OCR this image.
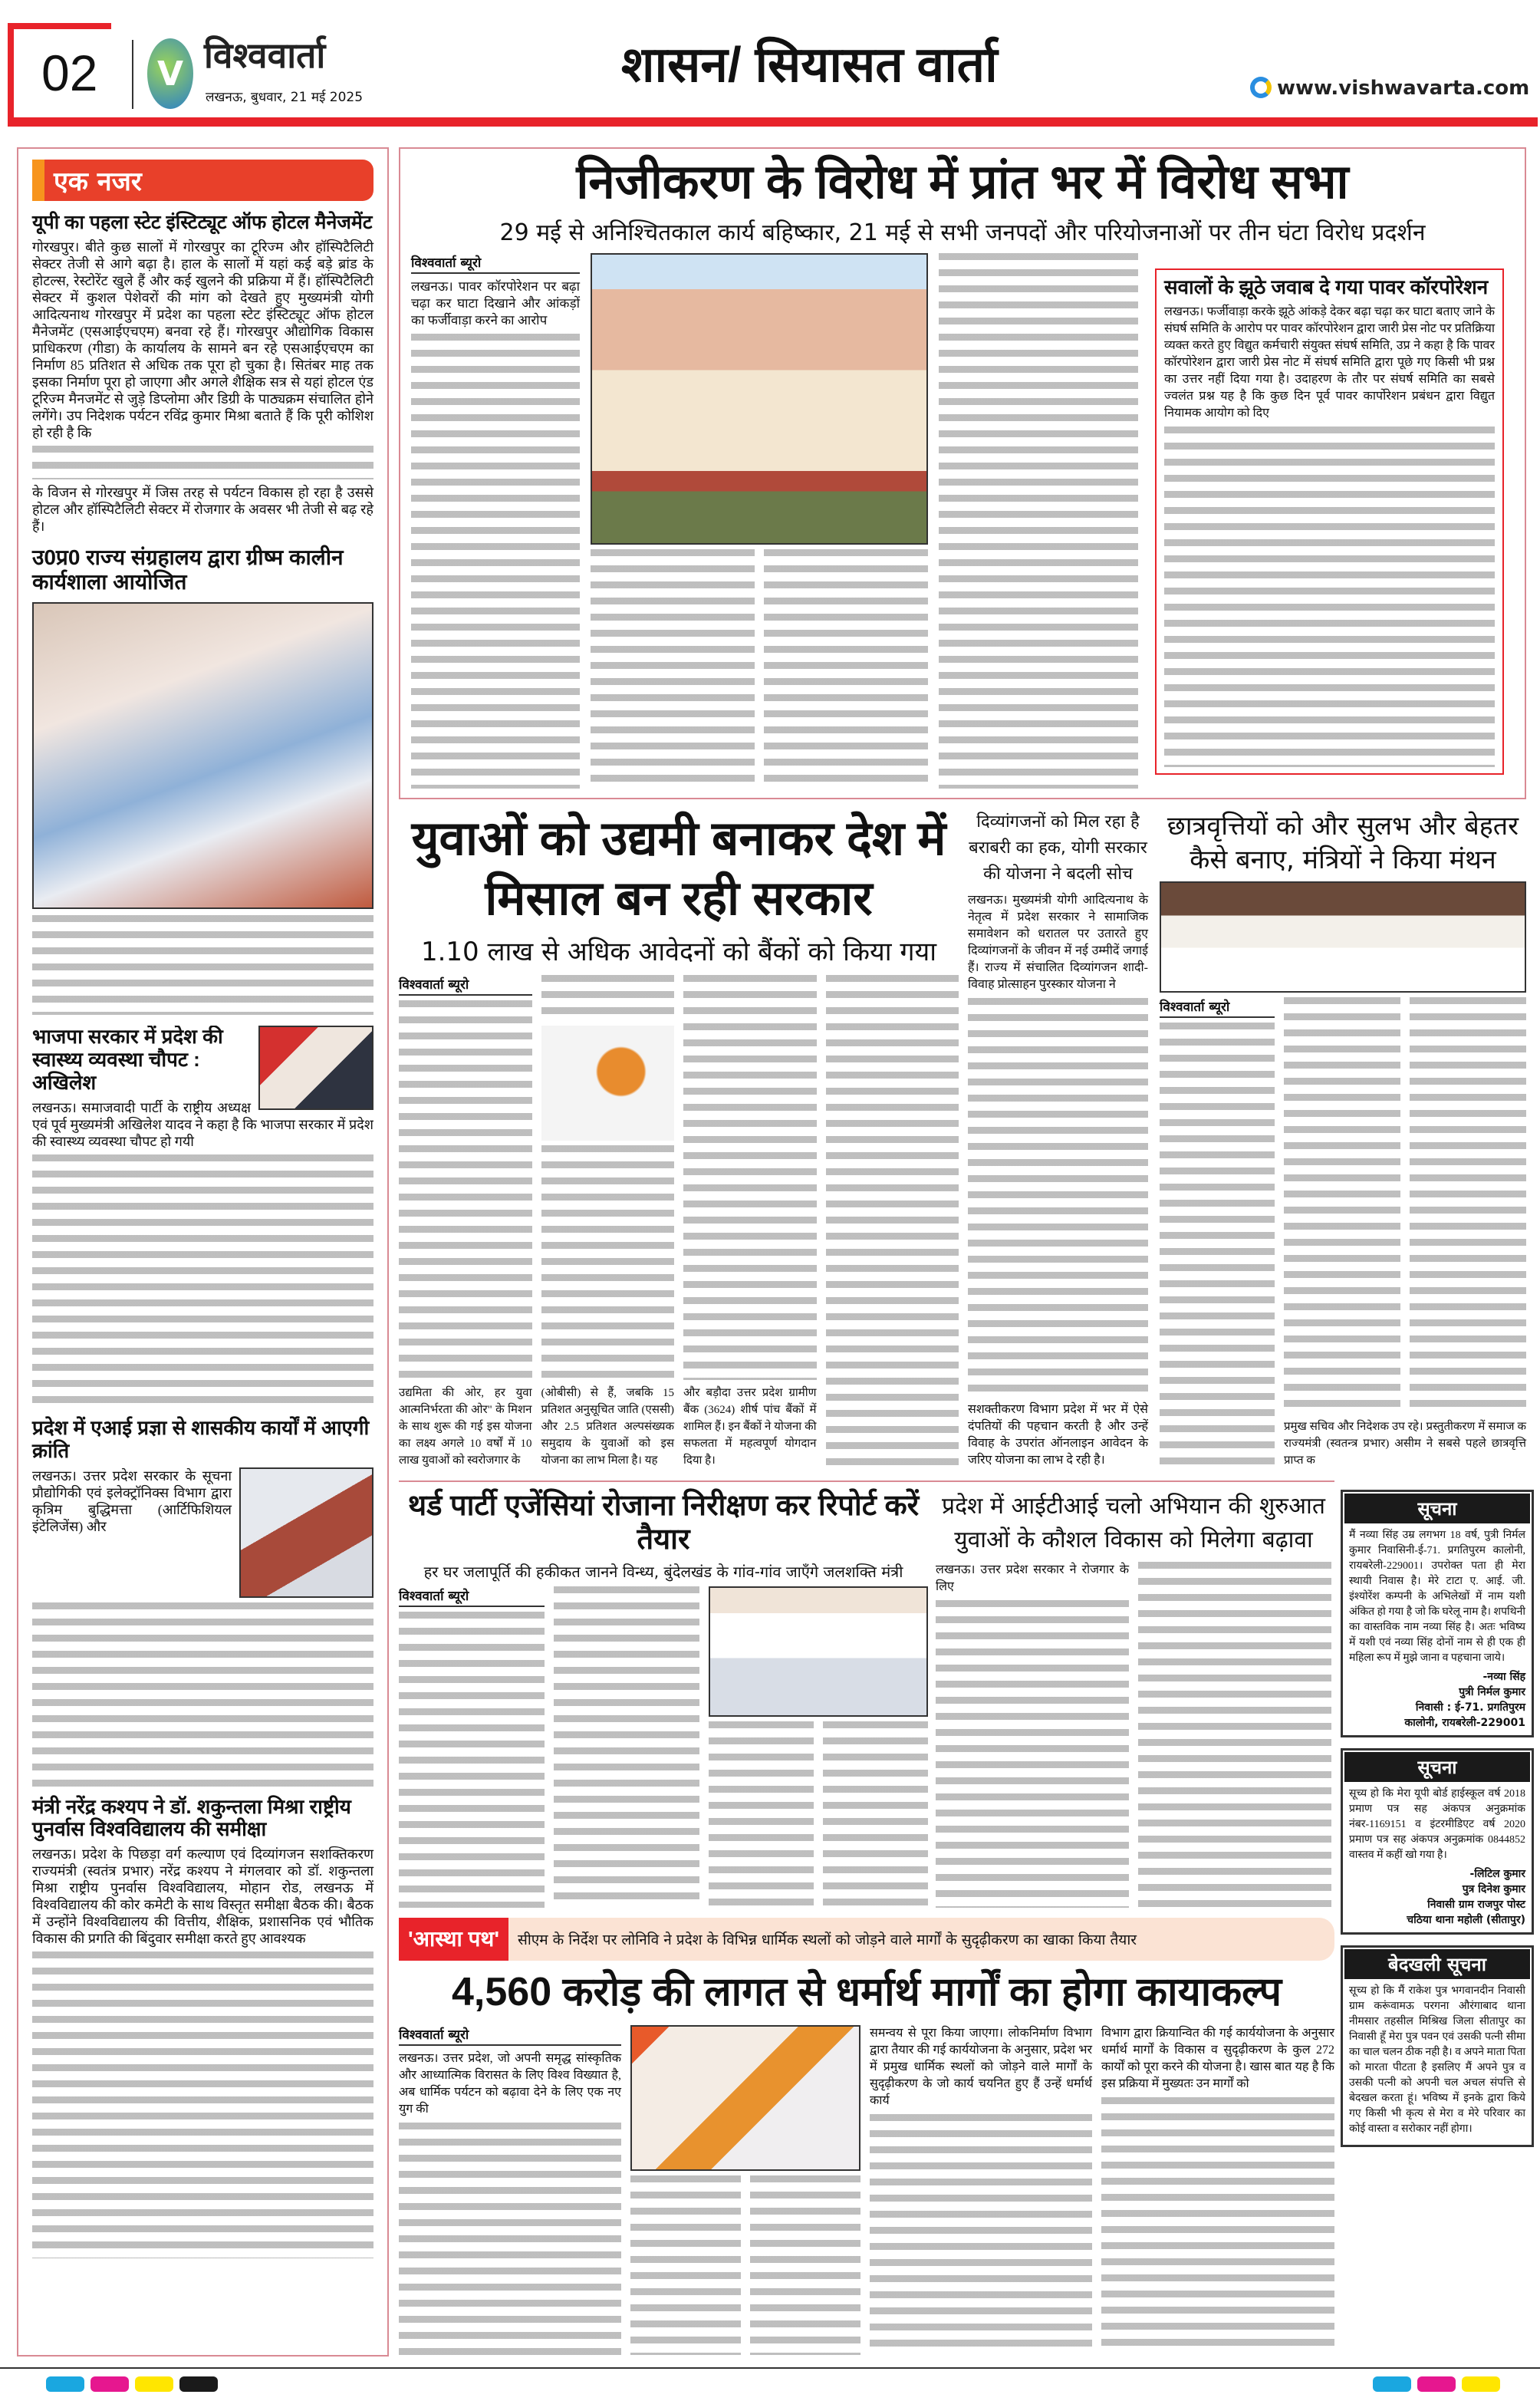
02 V विश्ववार्ता
लखनऊ, बुधवार, 21 मई 2025
शासन/ सियासत वार्ता	www.vishwavarta.com
एक नजर
यूपी का पहला स्टेट इंस्टिट्यूट ऑफ होटल मैनेजमेंट
गोरखपुर। बीते कुछ सालों में गोरखपुर का टूरिज्म और हॉस्पिटैलिटी सेक्टर तेजी से आगे बढ़ा है। हाल के सालों में यहां कई बड़े ब्रांड के होटल्स, रेस्टोरेंट खुले हैं और कई खुलने की प्रक्रिया में हैं। हॉस्पिटैलिटी सेक्टर में कुशल पेशेवरों की मांग को देखते हुए मुख्यमंत्री योगी आदित्यनाथ गोरखपुर में प्रदेश का पहला स्टेट इंस्टिट्यूट ऑफ होटल मैनेजमेंट (एसआईएचएम) बनवा रहे हैं। गोरखपुर औद्योगिक विकास प्राधिकरण (गीडा) के कार्यालय के सामने बन रहे एसआईएचएम का निर्माण 85 प्रतिशत से अधिक तक पूरा हो चुका है। सितंबर माह तक इसका निर्माण पूरा हो जाएगा और अगले शैक्षिक सत्र से यहां होटल एंड टूरिज्म मैनजमेंट से जुड़े डिप्लोमा और डिग्री के पाठ्यक्रम संचालित होने लगेंगे। उप निदेशक पर्यटन रविंद्र कुमार मिश्रा बताते हैं कि पूरी कोशिश हो रही है कि
के विजन से गोरखपुर में जिस तरह से पर्यटन विकास हो रहा है उससे होटल और हॉस्पिटैलिटी सेक्टर में रोजगार के अवसर भी तेजी से बढ़ रहे हैं।
उ0प्र0 राज्य संग्रहालय द्वारा ग्रीष्म कालीन कार्यशाला आयोजित
भाजपा सरकार में प्रदेश की स्वास्थ्य व्यवस्था चौपट : अखिलेश
लखनऊ। समाजवादी पार्टी के राष्ट्रीय अध्यक्ष एवं पूर्व मुख्यमंत्री अखिलेश यादव ने कहा है कि भाजपा सरकार में प्रदेश की स्वास्थ्य व्यवस्था चौपट हो गयी
प्रदेश में एआई प्रज्ञा से शासकीय कार्यों में आएगी क्रांति
लखनऊ। उत्तर प्रदेश सरकार के सूचना प्रौद्योगिकी एवं इलेक्ट्रॉनिक्स विभाग द्वारा कृत्रिम बुद्धिमत्ता (आर्टिफिशियल इंटेलिजेंस) और
मंत्री नरेंद्र कश्यप ने डॉ. शकुन्तला मिश्रा राष्ट्रीय पुनर्वास विश्वविद्यालय की समीक्षा
लखनऊ। प्रदेश के पिछड़ा वर्ग कल्याण एवं दिव्यांगजन सशक्तिकरण राज्यमंत्री (स्वतंत्र प्रभार) नरेंद्र कश्यप ने मंगलवार को डॉ. शकुन्तला मिश्रा राष्ट्रीय पुनर्वास विश्वविद्यालय, मोहान रोड, लखनऊ में विश्वविद्यालय की कोर कमेटी के साथ विस्तृत समीक्षा बैठक की। बैठक में उन्होंने विश्वविद्यालय की वित्तीय, शैक्षिक, प्रशासनिक एवं भौतिक विकास की प्रगति की बिंदुवार समीक्षा करते हुए आवश्यक
निजीकरण के विरोध में प्रांत भर में विरोध सभा
29 मई से अनिश्चितकाल कार्य बहिष्कार, 21 मई से सभी जनपदों और परियोजनाओं पर तीन घंटा विरोध प्रदर्शन
विश्ववार्ता ब्यूरो
लखनऊ। पावर कॉरपोरेशन पर बढ़ा चढ़ा कर घाटा दिखाने और आंकड़ों का फर्जीवाड़ा करने का आरोप
सवालों के झूठे जवाब दे गया पावर कॉरपोरेशन
लखनऊ। फर्जीवाड़ा करके झूठे आंकड़े देकर बढ़ा चढ़ा कर घाटा बताए जाने के संघर्ष समिति के आरोप पर पावर कॉरपोरेशन द्वारा जारी प्रेस नोट पर प्रतिक्रिया व्यक्त करते हुए विद्युत कर्मचारी संयुक्त संघर्ष समिति, उप्र ने कहा है कि पावर कॉरपोरेशन द्वारा जारी प्रेस नोट में संघर्ष समिति द्वारा पूछे गए किसी भी प्रश्न का उत्तर नहीं दिया गया है। उदाहरण के तौर पर संघर्ष समिति का सबसे ज्वलंत प्रश्न यह है कि कुछ दिन पूर्व पावर कार्पोरेशन प्रबंधन द्वारा विद्युत नियामक आयोग को दिए
युवाओं को उद्यमी बनाकर देश में मिसाल बन रही सरकार
1.10 लाख से अधिक आवेदनों को बैंकों को किया गया
विश्ववार्ता ब्यूरो
उद्यमिता की ओर, हर युवा आत्मनिर्भरता की ओर" के मिशन के साथ शुरू की गई इस योजना का लक्ष्य अगले 10 वर्षों में 10 लाख युवाओं को स्वरोजगार के
(ओबीसी) से हैं, जबकि 15 प्रतिशत अनुसूचित जाति (एससी) और 2.5 प्रतिशत अल्पसंख्यक समुदाय के युवाओं को इस योजना का लाभ मिला है। यह
और बड़ौदा उत्तर प्रदेश ग्रामीण बैंक (3624) शीर्ष पांच बैंकों में शामिल हैं। इन बैंकों ने योजना की सफलता में महत्वपूर्ण योगदान दिया है।
दिव्यांगजनों को मिल रहा है बराबरी का हक, योगी सरकार की योजना ने बदली सोच
लखनऊ। मुख्यमंत्री योगी आदित्यनाथ के नेतृत्व में प्रदेश सरकार ने सामाजिक समावेशन को धरातल पर उतारते हुए दिव्यांगजनों के जीवन में नई उम्मीदें जगाई हैं। राज्य में संचालित दिव्यांगजन शादी-विवाह प्रोत्साहन पुरस्कार योजना ने
सशक्तीकरण विभाग प्रदेश में भर में ऐसे दंपतियों की पहचान करती है और उन्हें विवाह के उपरांत ऑनलाइन आवेदन के जरिए योजना का लाभ दे रही है।
छात्रवृत्तियों को और सुलभ और बेहतर कैसे बनाए, मंत्रियों ने किया मंथन
विश्ववार्ता ब्यूरो
प्रमुख सचिव और निदेशक उप रहे। प्रस्तुतीकरण में समाज क राज्यमंत्री (स्वतन्त्र प्रभार) असीम ने सबसे पहले छात्रवृत्ति प्राप्त क
थर्ड पार्टी एजेंसियां रोजाना निरीक्षण कर रिपोर्ट करें तैयार
हर घर जलापूर्ति की हकीकत जानने विन्ध्य, बुंदेलखंड के गांव-गांव जाएँगे जलशक्ति मंत्री
विश्ववार्ता ब्यूरो
प्रदेश में आईटीआई चलो अभियान की शुरुआत युवाओं के कौशल विकास को मिलेगा बढ़ावा
लखनऊ। उत्तर प्रदेश सरकार ने रोजगार के लिए
सूचना
मैं नव्या सिंह उम्र लगभग 18 वर्ष, पुत्री निर्मल कुमार निवासिनी-ई-71. प्रगतिपुरम कालोनी, रायबरेली-229001। उपरोक्त पता ही मेरा स्थायी निवास है। मेरे टाटा ए. आई. जी. इंश्योरेंश कम्पनी के अभिलेखों में नाम यशी अंकित हो गया है जो कि घरेलू नाम है। शपथिनी का वास्तविक नाम नव्या सिंह है। अतः भविष्य में यशी एवं नव्या सिंह दोनों नाम से ही एक ही महिला रूप में मुझे जाना व पहचाना जाये।
-नव्या सिंह
पुत्री निर्मल कुमार
निवासी : ई-71. प्रगतिपुरम
कालोनी, रायबरेली-229001
सूचना
सूच्य हो कि मेरा यूपी बोर्ड हाईस्कूल वर्ष 2018 प्रमाण पत्र सह अंकपत्र अनुक्रमांक नंबर-1169151 व इंटरमीडिएट वर्ष 2020 प्रमाण पत्र सह अंकपत्र अनुक्रमांक 0844852 वास्तव में कहीं खो गया है।
-लिटिल कुमार
पुत्र दिनेश कुमार
निवासी ग्राम राजपुर पोस्ट
चठिया थाना महोली (सीतापुर)
बेदखली सूचना
सूच्य हो कि मैं राकेश पुत्र भगवानदीन निवासी ग्राम करूंवामऊ परगना औरंगाबाद थाना नीमसार तहसील मिश्रिख जिला सीतापुर का निवासी हूँ मेरा पुत्र पवन एवं उसकी पत्नी सीमा का चाल चलन ठीक नही है। व अपने माता पिता को मारता पीटता है इसलिए मैं अपने पुत्र व उसकी पत्नी को अपनी चल अचल संपत्ति से बेदखल करता हूं। भविष्य में इनके द्वारा किये गए किसी भी कृत्य से मेरा व मेरे परिवार का कोई वास्ता व सरोकार नहीं होगा।
'आस्था पथ'	सीएम के निर्देश पर लोनिवि ने प्रदेश के विभिन्न धार्मिक स्थलों को जोड़ने वाले मार्गों के सुदृढ़ीकरण का खाका किया तैयार
4,560 करोड़ की लागत से धर्मार्थ मार्गों का होगा कायाकल्प
विश्ववार्ता ब्यूरो
लखनऊ। उत्तर प्रदेश, जो अपनी समृद्ध सांस्कृतिक और आध्यात्मिक विरासत के लिए विश्व विख्यात है, अब धार्मिक पर्यटन को बढ़ावा देने के लिए एक नए युग की
समन्वय से पूरा किया जाएगा। लोकनिर्माण विभाग द्वारा तैयार की गई कार्ययोजना के अनुसार, प्रदेश भर में प्रमुख धार्मिक स्थलों को जोड़ने वाले मार्गों के सुदृढ़ीकरण के जो कार्य चयनित हुए हैं उन्हें धर्मार्थ कार्य
विभाग द्वारा क्रियान्वित की गई कार्ययोजना के अनुसार धर्मार्थ मार्गों के विकास व सुदृढ़ीकरण के कुल 272 कार्यों को पूरा करने की योजना है। खास बात यह है कि इस प्रक्रिया में मुख्यतः उन मार्गों को
